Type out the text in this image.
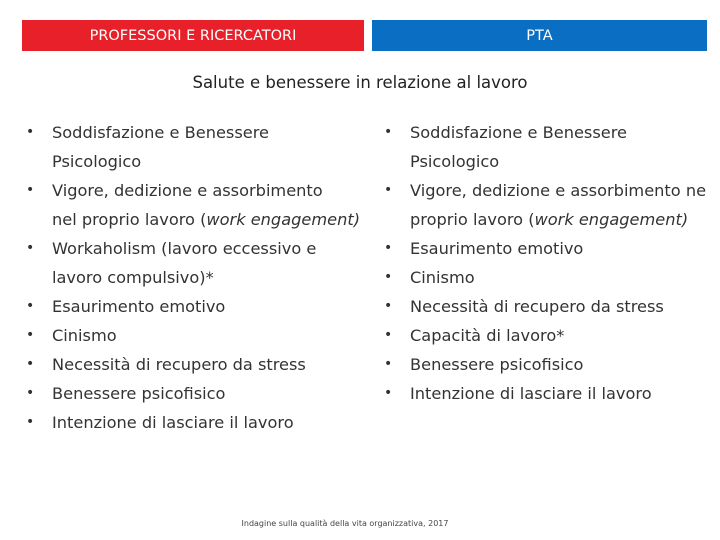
PROFESSORI E RICERCATORI	PTA
Salute e benessere in relazione al lavoro
• Soddisfazione e Benessere
Psicologico
• Vigore, dedizione e assorbimento
nel proprio lavoro (work engagement)
• Workaholism (lavoro eccessivo e
lavoro compulsivo)*
• Esaurimento emotivo
• Cinismo
• Necessità di recupero da stress
• Benessere psicofisico
• Intenzione di lasciare il lavoro
• Soddisfazione e Benessere
Psicologico
• Vigore, dedizione e assorbimento ne
proprio lavoro (work engagement)
• Esaurimento emotivo
• Cinismo
• Necessità di recupero da stress
• Capacità di lavoro*
• Benessere psicofisico
• Intenzione di lasciare il lavoro
Indagine sulla qualità della vita organizzativa, 2017
